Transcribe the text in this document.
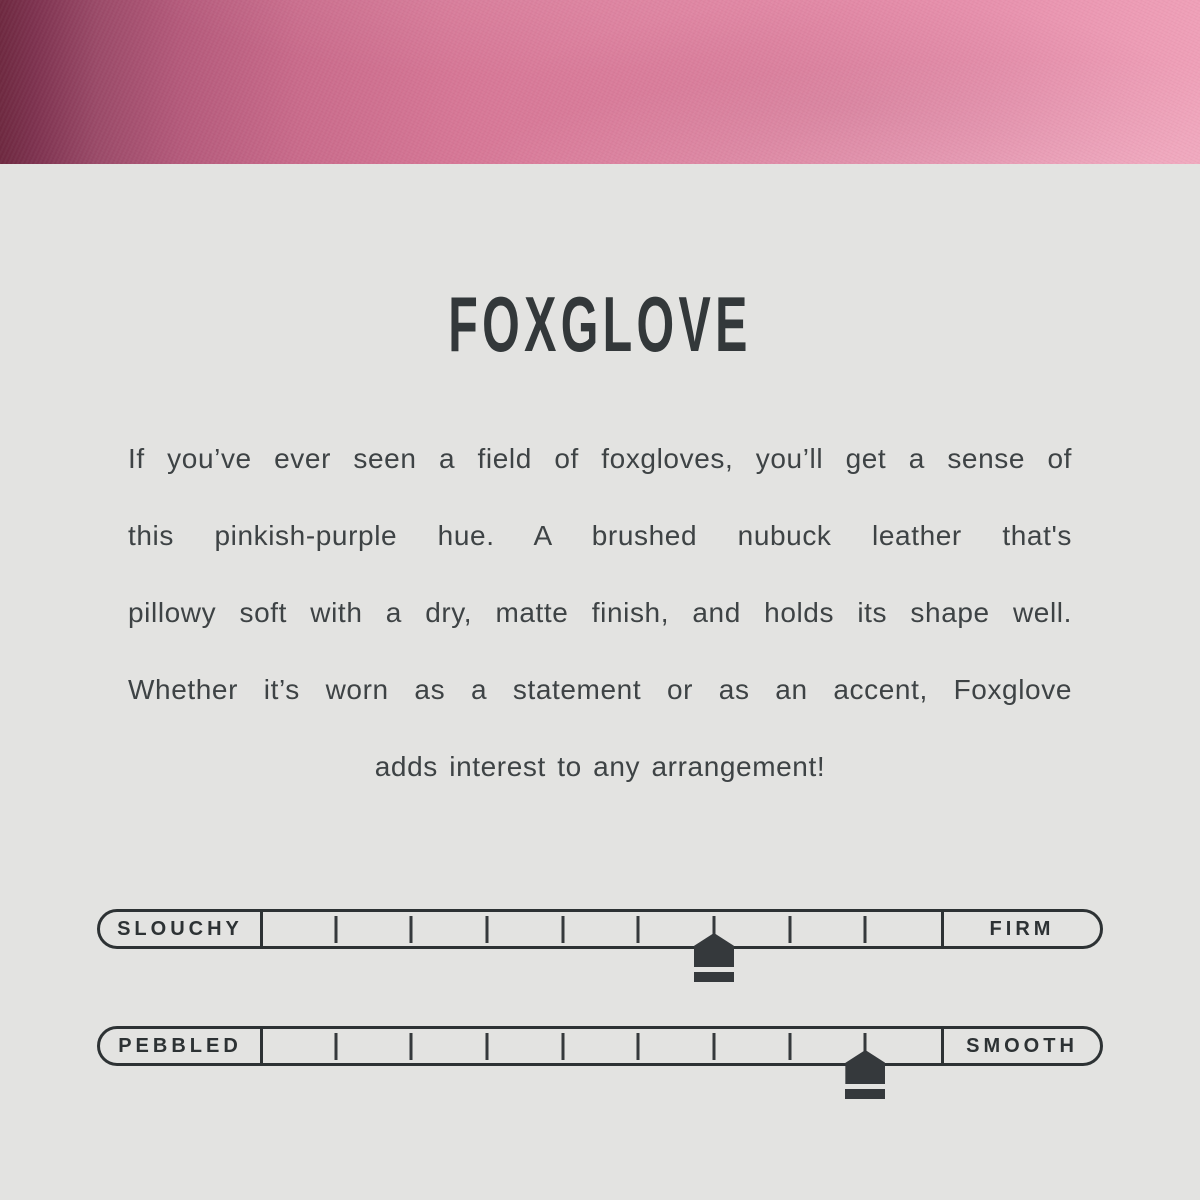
FOXGLOVE
If you’ve ever seen a field of foxgloves, you’ll get a sense of
this pinkish-purple hue. A brushed nubuck leather that's
pillowy soft with a dry, matte finish, and holds its shape well.
Whether it’s worn as a statement or as an accent, Foxglove
adds interest to any arrangement!
SLOUCHY	FIRM
PEBBLED	SMOOTH
